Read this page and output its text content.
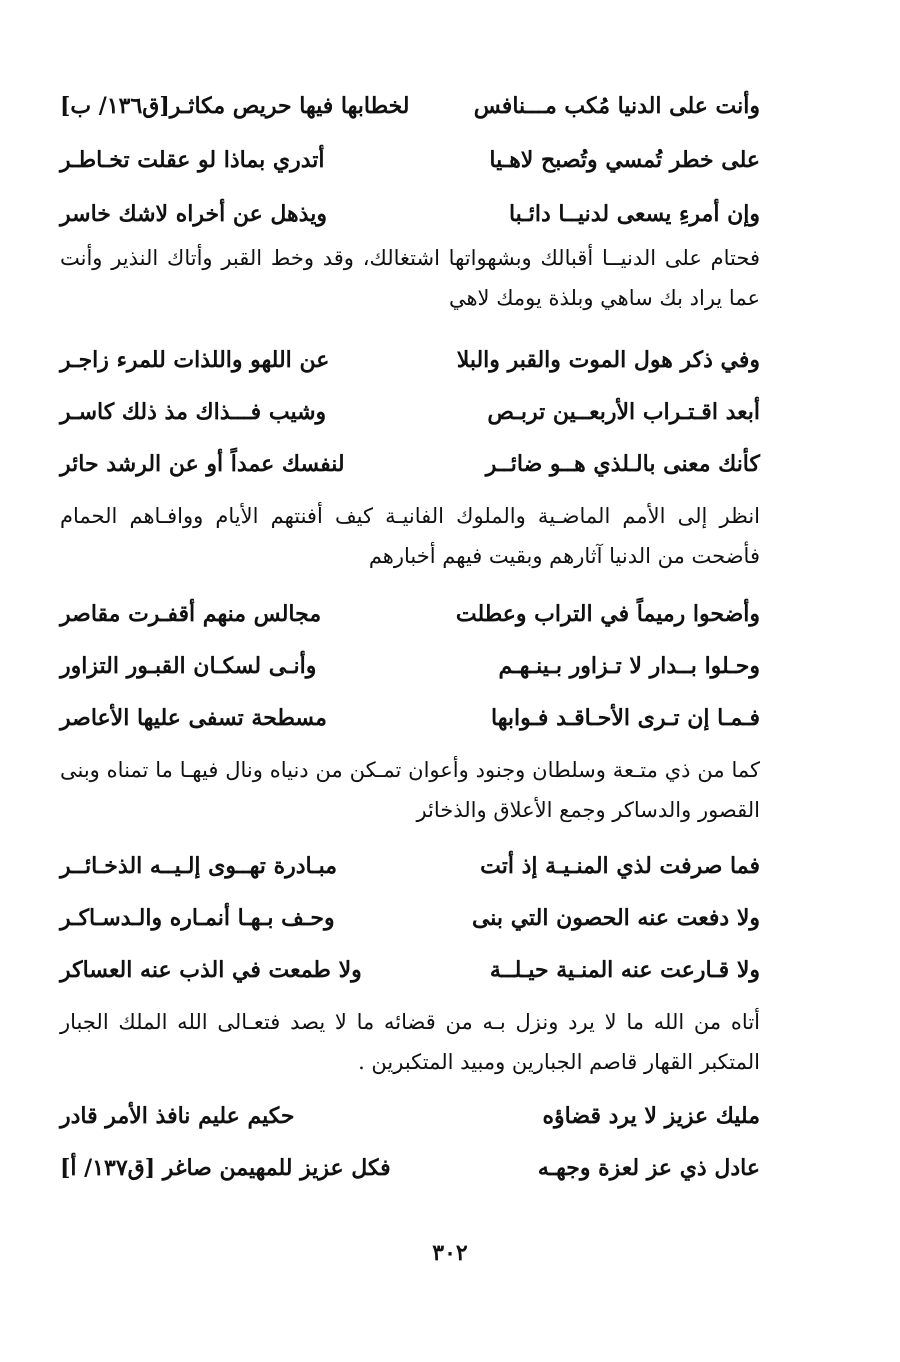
وأنت على الدنيا مُكب مـــنافس
لخطابها فيها حريص مكاثـر[ق١٣٦/ ب]
على خطر تُمسي وتُصبح لاهـيا
أتدري بماذا لو عقلت تخـاطـر
وإن أمرءِ يسعى لدنيــا دائـبا
ويذهل عن أخراه لاشك خاسر

فحتام على الدنيــا أقبالك وبشهواتها اشتغالك، وقد وخط القبر وأتاك النذير وأنت عما يراد بك ساهي وبلذة يومك لاهي

وفي ذكر هول الموت والقبر والبلا
عن اللهو واللذات للمرء زاجـر
أبعد اقـتـراب الأربعــين تربـص
وشيب فـــذاك مذ ذلك كاسـر
كأنك معنى بالـلذي هــو ضائــر
لنفسك عمداً أو عن الرشد حائر

انظر إلى الأمم الماضـية والملوك الفانيـة كيف أفنتهم الأيام ووافـاهم الحمام فأضحت من الدنيا آثارهم وبقيت فيهم أخبارهم

وأضحوا رميماً في التراب وعطلت
مجالس منهم أقفـرت مقاصر
وحـلوا بــدار لا تـزاور بـينـهـم
وأنـى لسكـان القبـور التزاور
فـمـا إن تـرى الأحـاقـد فـوابها
مسطحة تسفى عليها الأعاصر

كما من ذي متـعة وسلطان وجنود وأعوان تمـكن من دنياه ونال فيهـا ما تمناه وبنى القصور والدساكر وجمع الأعلاق والذخائر

فما صرفت لذي المنـيـة إذ أتت
مبـادرة تهــوى إلـيــه الذخـائــر
ولا دفعت عنه الحصون التي بنى
وحـف بـهـا أنمـاره والـدسـاكـر
ولا قـارعت عنه المنـية حيـلــة
ولا طمعت في الذب عنه العساكر

أتاه من الله ما لا يرد ونزل بـه من قضائه ما لا يصد فتعـالى الله الملك الجبار المتكبر القهار قاصم الجبارين ومبيد المتكبرين .

مليك عزيز لا يرد قضاؤه
حكيم عليم نافذ الأمر قادر
عادل ذي عز لعزة وجهـه
فكل عزيز للمهيمن صاغر [ق١٣٧/ أ]
٣٠٢
